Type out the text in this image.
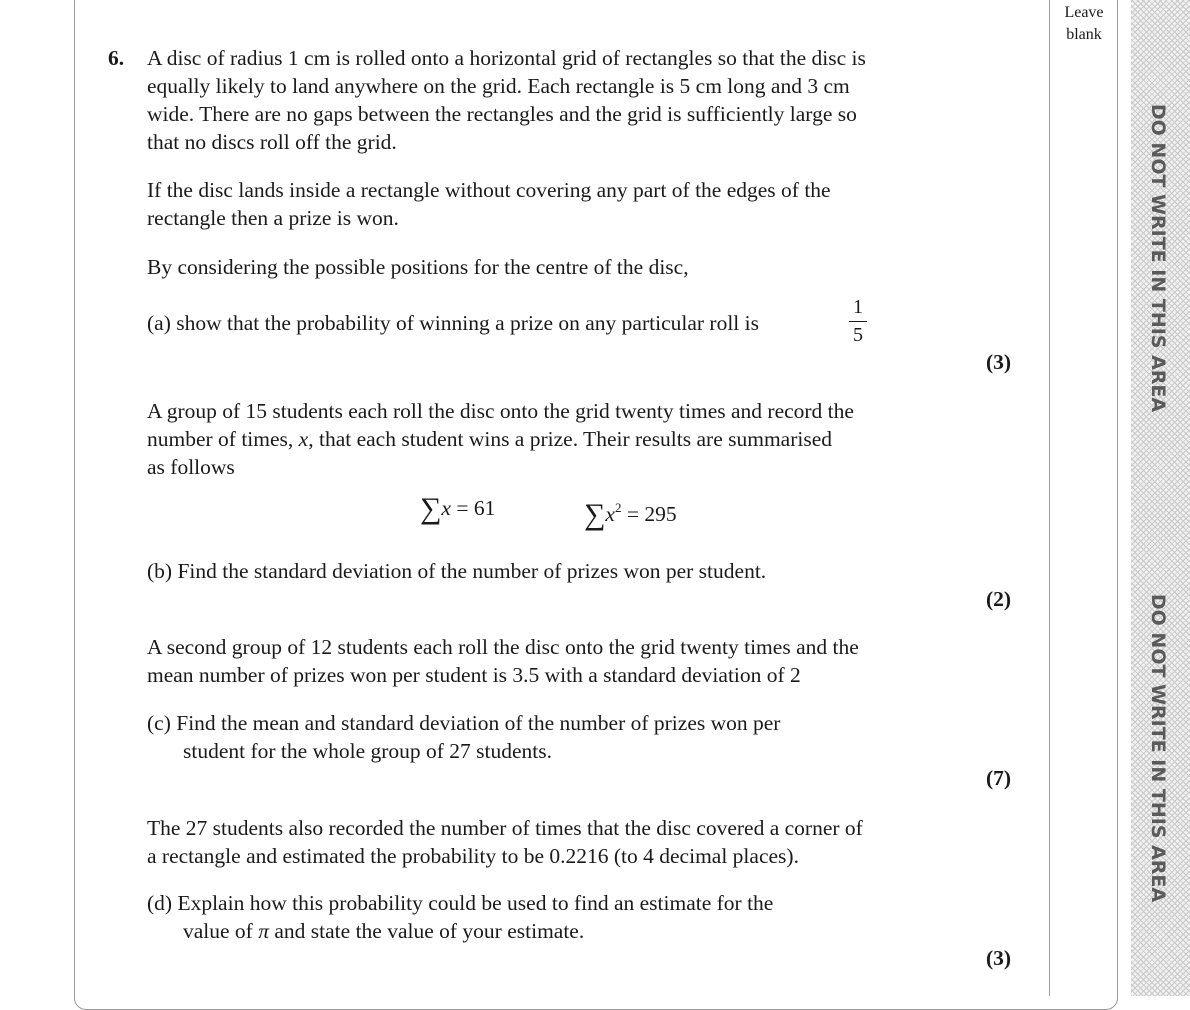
DO NOT WRITE IN THIS AREA
DO NOT WRITE IN THIS AREA
Leave
blank
6. A disc of radius 1 cm is rolled onto a horizontal grid of rectangles so that the disc is
equally likely to land anywhere on the grid. Each rectangle is 5 cm long and 3 cm
wide. There are no gaps between the rectangles and the grid is sufficiently large so
that no discs roll off the grid.
If the disc lands inside a rectangle without covering any part of the edges of the
rectangle then a prize is won.
By considering the possible positions for the centre of the disc,
(a) show that the probability of winning a prize on any particular roll is
1
5
(3)
A group of 15 students each roll the disc onto the grid twenty times and record the
number of times, x, that each student wins a prize. Their results are summarised
as follows
∑x = 61	$\sum x^2 = 295$
(b) Find the standard deviation of the number of prizes won per student.
(2)
A second group of 12 students each roll the disc onto the grid twenty times and the
mean number of prizes won per student is 3.5 with a standard deviation of 2
(c) Find the mean and standard deviation of the number of prizes won per
student for the whole group of 27 students.
(7)
The 27 students also recorded the number of times that the disc covered a corner of
a rectangle and estimated the probability to be 0.2216 (to 4 decimal places).
(d) Explain how this probability could be used to find an estimate for the
value of π and state the value of your estimate.
(3)
